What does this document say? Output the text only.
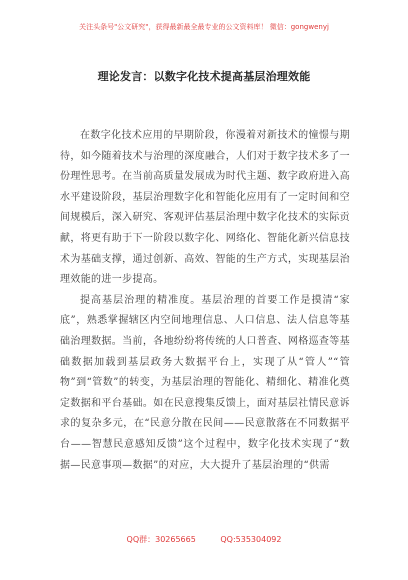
关注头条号"公文研究"，获得最新最全最专业的公文资料库！ 微信：gongwenyj
理论发言：以数字化技术提高基层治理效能

在数字化技术应用的早期阶段，你漫着对新技术的憧憬与期待，如今随着技术与治理的深度融合，人们对于数字技术多了一份理性思考。在当前高质量发展成为时代主题、数字政府进入高水平建设阶段，基层治理数字化和智能化应用有了一定时间和空间规模后，深入研究、客观评估基层治理中数字化技术的实际贡献，将更有助于下一阶段以数字化、网络化、智能化新兴信息技术为基础支撑，通过创新、高效、智能的生产方式，实现基层治理效能的进一步提高。

提高基层治理的精准度。基层治理的首要工作是摸清“家底”，熟悉掌握辖区内空间地理信息、人口信息、法人信息等基础治理数据。当前，各地纷纷将传统的人口普查、网格巡查等基础数据加载到基层政务大数据平台上，实现了从“管人”“管物”到“管数”的转变，为基层治理的智能化、精细化、精准化奠定数据和平台基础。如在民意搜集反馈上，面对基层社情民意诉求的复杂多元，在“民意分散在民间——民意散落在不同数据平台——智慧民意感知反馈”这个过程中，数字化技术实现了“数据—民意事项—数据”的对应，大大提升了基层治理的“供需

QQ群：30265665	QQ:535304092
